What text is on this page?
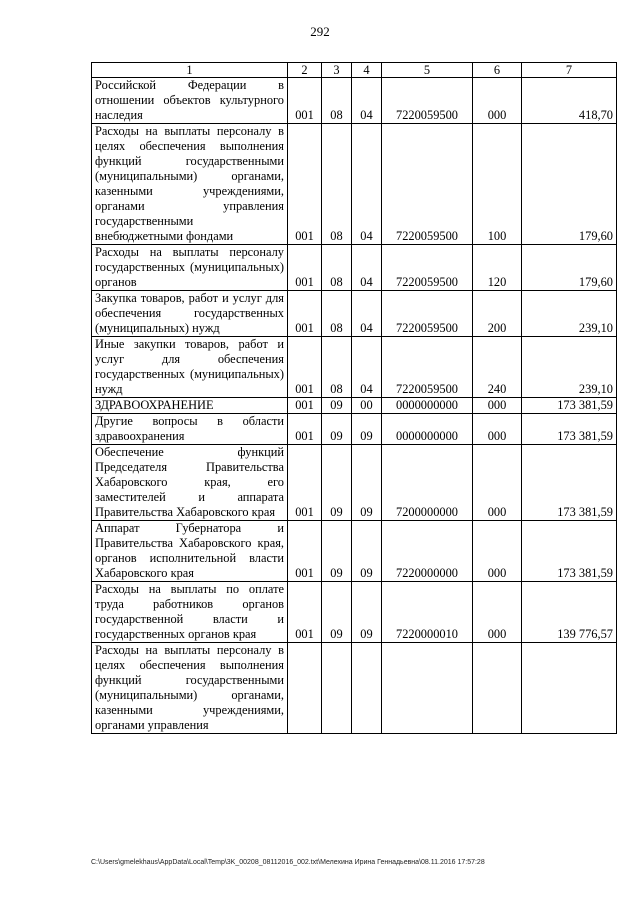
292
1	2	3	4	5	6	7
Российской Федерации в отношении объектов культурного наследия	001	08	04	7220059500	000	418,70
Расходы на выплаты персоналу в целях обеспечения выполнения функций государственными (муниципальными) органами, казенными учреждениями, органами управления государственными внебюджетными фондами	001	08	04	7220059500	100	179,60
Расходы на выплаты персоналу государственных (муниципальных) органов	001	08	04	7220059500	120	179,60
Закупка товаров, работ и услуг для обеспечения государственных (муниципальных) нужд	001	08	04	7220059500	200	239,10
Иные закупки товаров, работ и услуг для обеспечения государственных (муниципальных) нужд	001	08	04	7220059500	240	239,10
ЗДРАВООХРАНЕНИЕ	001	09	00	0000000000	000	173 381,59
Другие вопросы в области здравоохранения	001	09	09	0000000000	000	173 381,59
Обеспечение функций Председателя Правительства Хабаровского края, его заместителей и аппарата Правительства Хабаровского края	001	09	09	7200000000	000	173 381,59
Аппарат Губернатора и Правительства Хабаровского края, органов исполнительной власти Хабаровского края	001	09	09	7220000000	000	173 381,59
Расходы на выплаты по оплате труда работников органов государственной власти и государственных органов края	001	09	09	7220000010	000	139 776,57
Расходы на выплаты персоналу в целях обеспечения выполнения функций государственными (муниципальными) органами, казенными учреждениями, органами управления						
C:\Users\gmelekhaus\AppData\Local\Temp\3K_00208_08112016_002.txt\Мелехина Ирина Геннадьевна\08.11.2016 17:57:28
